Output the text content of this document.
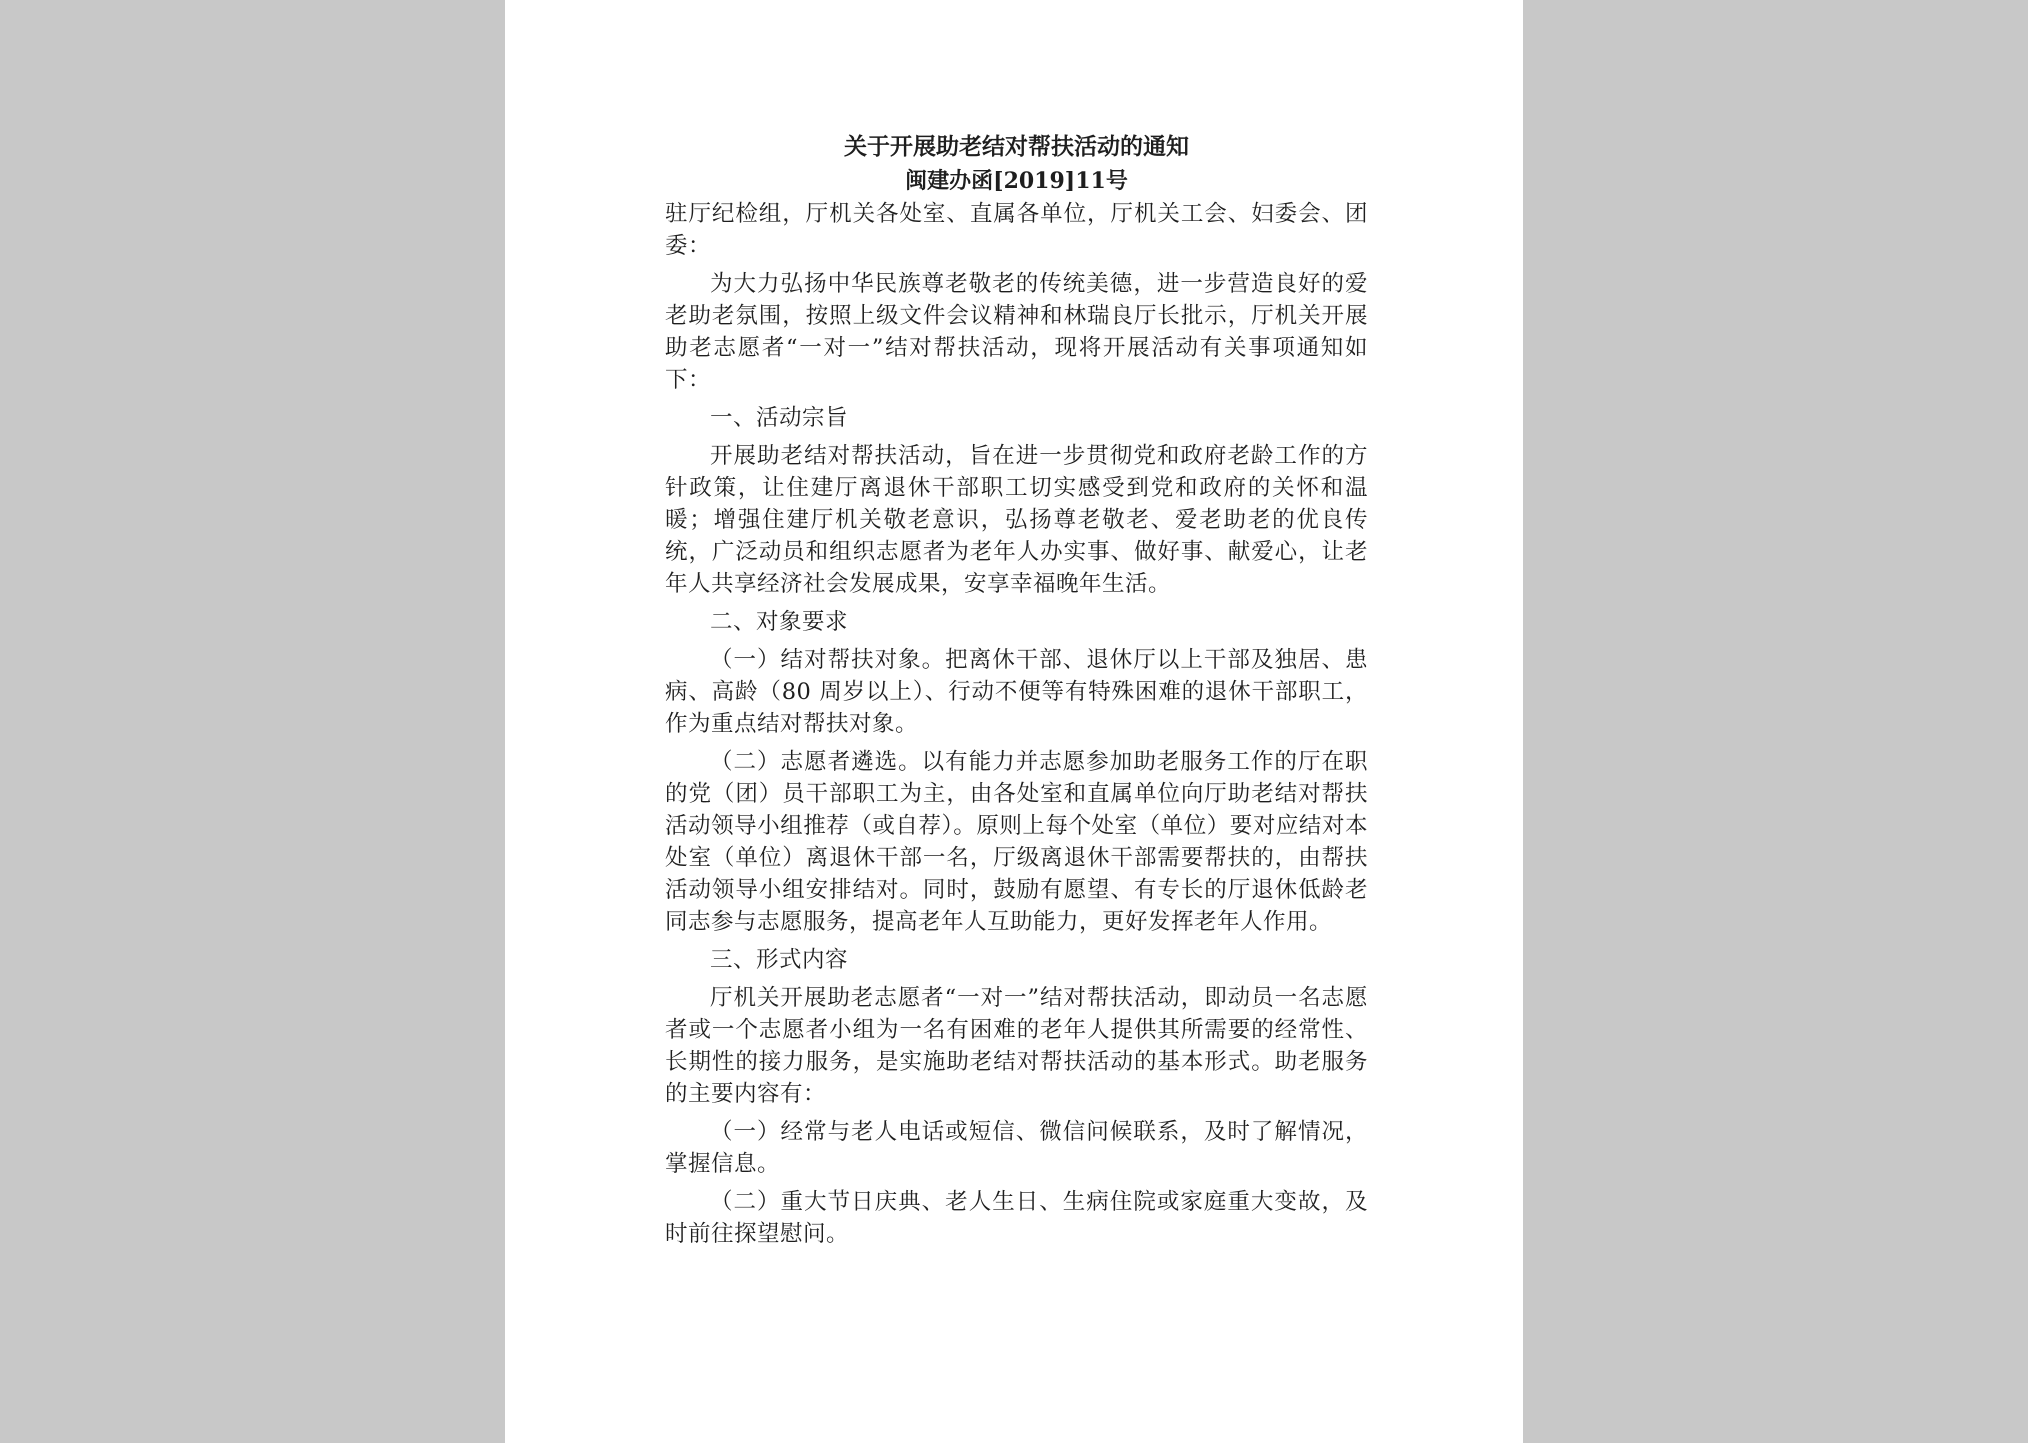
关于开展助老结对帮扶活动的通知

闽建办函[2019]11号

驻厅纪检组，厅机关各处室、直属各单位，厅机关工会、妇委会、团委：

为大力弘扬中华民族尊老敬老的传统美德，进一步营造良好的爱老助老氛围，按照上级文件会议精神和林瑞良厅长批示，厅机关开展助老志愿者“一对一”结对帮扶活动，现将开展活动有关事项通知如下：

一、活动宗旨

开展助老结对帮扶活动，旨在进一步贯彻党和政府老龄工作的方针政策，让住建厅离退休干部职工切实感受到党和政府的关怀和温暖；增强住建厅机关敬老意识，弘扬尊老敬老、爱老助老的优良传统，广泛动员和组织志愿者为老年人办实事、做好事、献爱心，让老年人共享经济社会发展成果，安享幸福晚年生活。

二、对象要求

（一）结对帮扶对象。把离休干部、退休厅以上干部及独居、患病、高龄（80 周岁以上）、行动不便等有特殊困难的退休干部职工，作为重点结对帮扶对象。

（二）志愿者遴选。以有能力并志愿参加助老服务工作的厅在职的党（团）员干部职工为主，由各处室和直属单位向厅助老结对帮扶活动领导小组推荐（或自荐）。原则上每个处室（单位）要对应结对本处室（单位）离退休干部一名，厅级离退休干部需要帮扶的，由帮扶活动领导小组安排结对。同时，鼓励有愿望、有专长的厅退休低龄老同志参与志愿服务，提高老年人互助能力，更好发挥老年人作用。

三、形式内容

厅机关开展助老志愿者“一对一”结对帮扶活动，即动员一名志愿者或一个志愿者小组为一名有困难的老年人提供其所需要的经常性、长期性的接力服务，是实施助老结对帮扶活动的基本形式。助老服务的主要内容有：

（一）经常与老人电话或短信、微信问候联系，及时了解情况，掌握信息。

（二）重大节日庆典、老人生日、生病住院或家庭重大变故，及时前往探望慰问。
